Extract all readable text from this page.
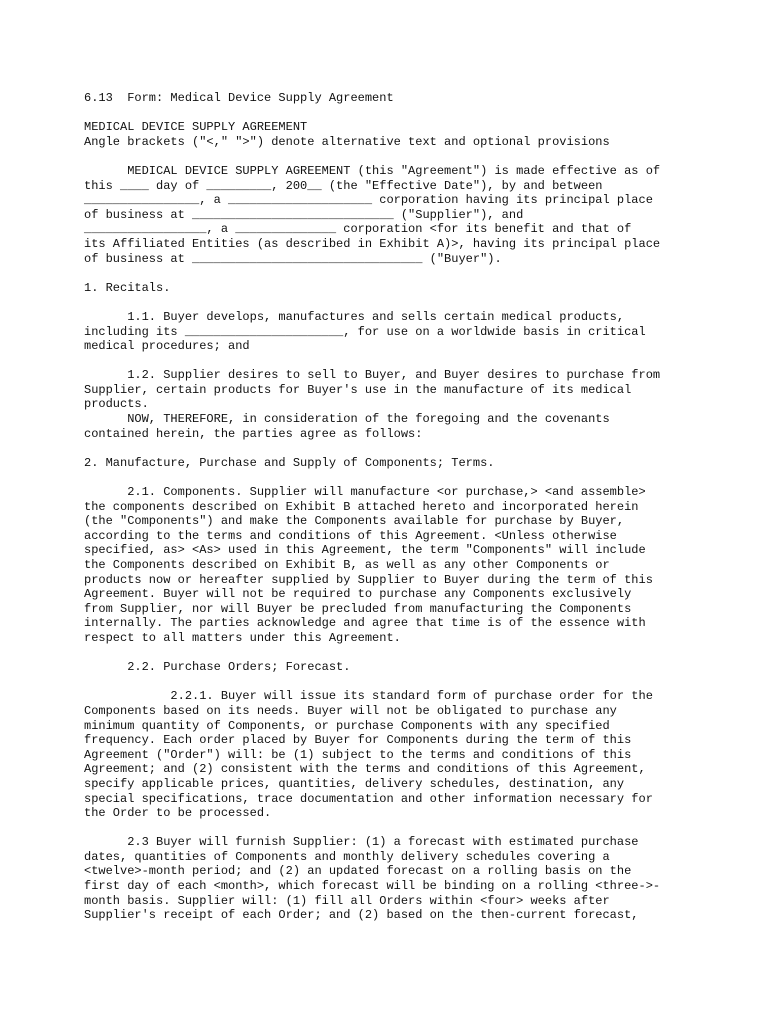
6.13  Form: Medical Device Supply Agreement
MEDICAL DEVICE SUPPLY AGREEMENT
Angle brackets ("<," ">") denote alternative text and optional provisions
MEDICAL DEVICE SUPPLY AGREEMENT (this "Agreement") is made effective as of
this ____ day of _________, 200__ (the "Effective Date"), by and between
________________, a ____________________ corporation having its principal place
of business at ____________________________ ("Supplier"), and
_________________, a ______________ corporation <for its benefit and that of
its Affiliated Entities (as described in Exhibit A)>, having its principal place
of business at ________________________________ ("Buyer").
1. Recitals.
1.1. Buyer develops, manufactures and sells certain medical products,
including its ______________________, for use on a worldwide basis in critical
medical procedures; and
1.2. Supplier desires to sell to Buyer, and Buyer desires to purchase from
Supplier, certain products for Buyer's use in the manufacture of its medical
products.
NOW, THEREFORE, in consideration of the foregoing and the covenants
contained herein, the parties agree as follows:
2. Manufacture, Purchase and Supply of Components; Terms.
2.1. Components. Supplier will manufacture <or purchase,> <and assemble>
the components described on Exhibit B attached hereto and incorporated herein
(the "Components") and make the Components available for purchase by Buyer,
according to the terms and conditions of this Agreement. <Unless otherwise
specified, as> <As> used in this Agreement, the term "Components" will include
the Components described on Exhibit B, as well as any other Components or
products now or hereafter supplied by Supplier to Buyer during the term of this
Agreement. Buyer will not be required to purchase any Components exclusively
from Supplier, nor will Buyer be precluded from manufacturing the Components
internally. The parties acknowledge and agree that time is of the essence with
respect to all matters under this Agreement.
2.2. Purchase Orders; Forecast.
2.2.1. Buyer will issue its standard form of purchase order for the
Components based on its needs. Buyer will not be obligated to purchase any
minimum quantity of Components, or purchase Components with any specified
frequency. Each order placed by Buyer for Components during the term of this
Agreement ("Order") will: be (1) subject to the terms and conditions of this
Agreement; and (2) consistent with the terms and conditions of this Agreement,
specify applicable prices, quantities, delivery schedules, destination, any
special specifications, trace documentation and other information necessary for
the Order to be processed.
2.3 Buyer will furnish Supplier: (1) a forecast with estimated purchase
dates, quantities of Components and monthly delivery schedules covering a
<twelve>-month period; and (2) an updated forecast on a rolling basis on the
first day of each <month>, which forecast will be binding on a rolling <three->-
month basis. Supplier will: (1) fill all Orders within <four> weeks after
Supplier's receipt of each Order; and (2) based on the then-current forecast,
